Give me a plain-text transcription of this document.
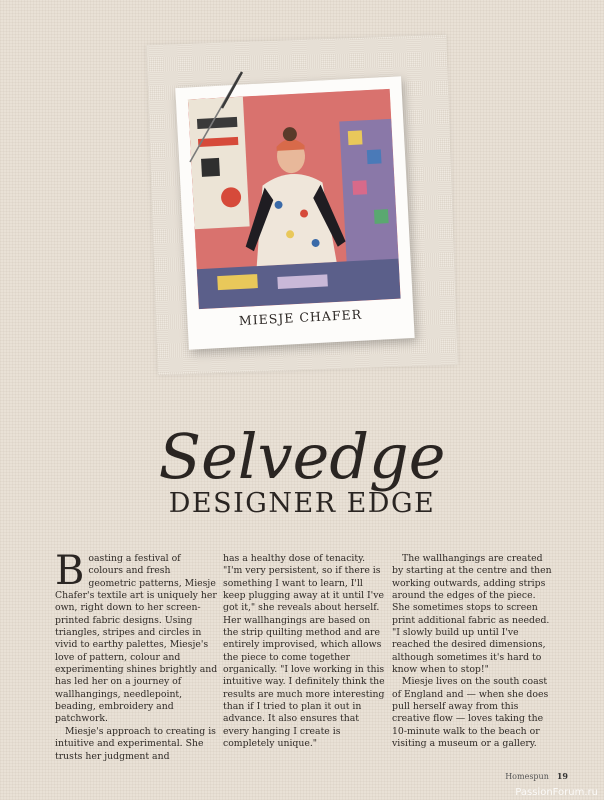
MIESJE CHAFER
Selvedge
DESIGNER EDGE

Boasting a festival of colours and fresh geometric patterns, Miesje Chafer's textile art is uniquely her own, right down to her screen-printed fabric designs. Using triangles, stripes and circles in vivid to earthy palettes, Miesje's love of pattern, colour and experimenting shines brightly and has led her on a journey of wallhangings, needlepoint, beading, embroidery and patchwork.

Miesje's approach to creating is intuitive and experimental. She trusts her judgment and

has a healthy dose of tenacity. "I'm very persistent, so if there is something I want to learn, I'll keep plugging away at it until I've got it," she reveals about herself. Her wallhangings are based on the strip quilting method and are entirely improvised, which allows the piece to come together organically. "I love working in this intuitive way. I definitely think the results are much more interesting than if I tried to plan it out in advance. It also ensures that every hanging I create is completely unique."

The wallhangings are created by starting at the centre and then working outwards, adding strips around the edges of the piece. She sometimes stops to screen print additional fabric as needed. "I slowly build up until I've reached the desired dimensions, although sometimes it's hard to know when to stop!"

Miesje lives on the south coast of England and — when she does pull herself away from this creative flow — loves taking the 10-minute walk to the beach or visiting a museum or a gallery.

Homespun 19
PassionForum.ru
